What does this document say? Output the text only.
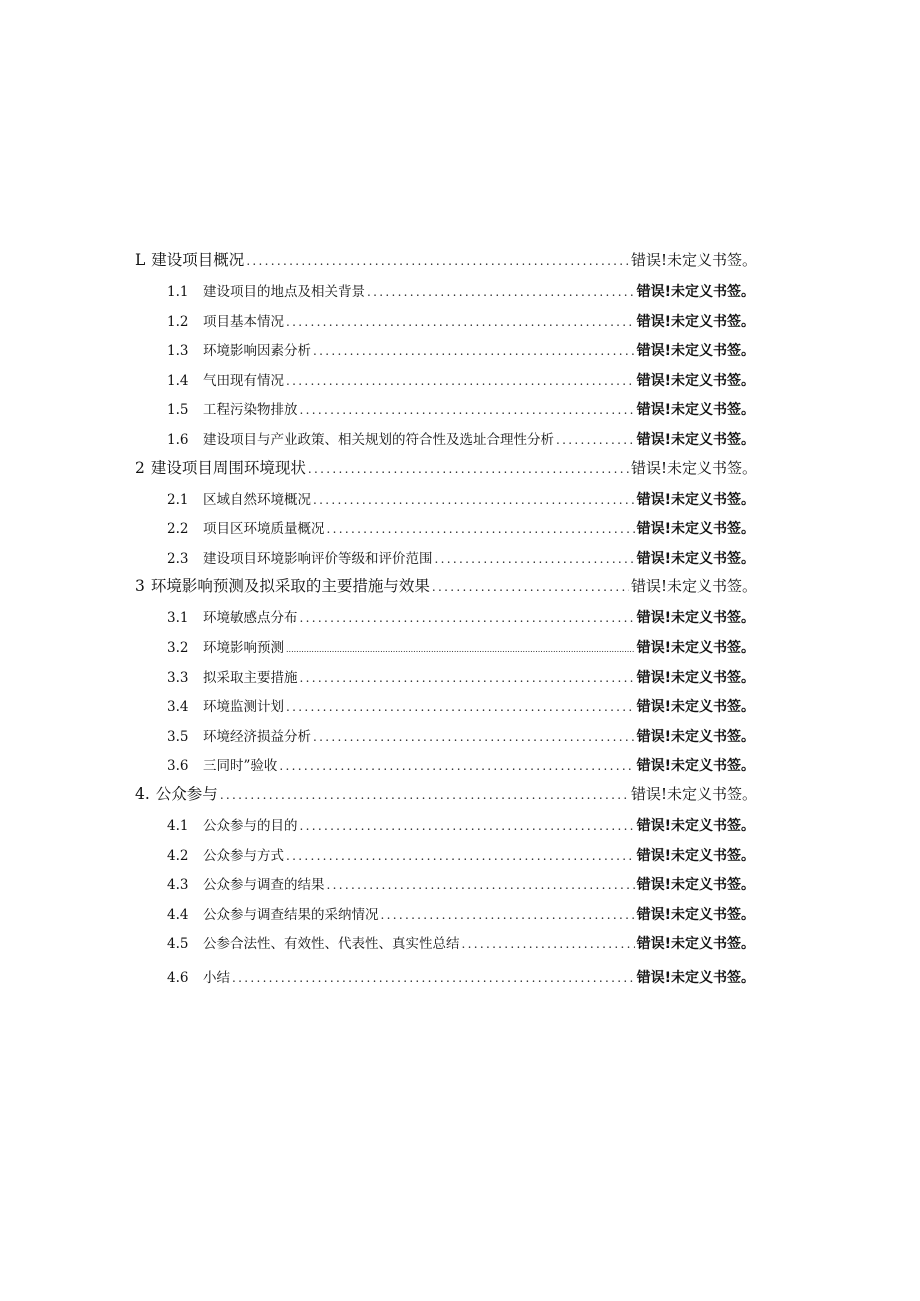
L 建设项目概况 .....	错误!未定义书签。
1.1	建设项目的地点及相关背景 .....	错误!未定义书签。
1.2	项目基本情况 .....	错误!未定义书签。
1.3	环境影响因素分析 .....	错误!未定义书签。
1.4	气田现有情况 .....	错误!未定义书签。
1.5	工程污染物排放 .....	错误!未定义书签。
1.6	建设项目与产业政策、相关规划的符合性及选址合理性分析 .....	错误!未定义书签。
2 建设项目周围环境现状 .....	错误!未定义书签。
2.1	区域自然环境概况 .....	错误!未定义书签。
2.2	项目区环境质量概况 .....	错误!未定义书签。
2.3	建设项目环境影响评价等级和评价范围 .....	错误!未定义书签。
3 环境影响预测及拟采取的主要措施与效果 .....	错误!未定义书签。
3.1	环境敏感点分布 .....	错误!未定义书签。
3.2	环境影响预测 .....	错误!未定义书签。
3.3	拟采取主要措施 .....	错误!未定义书签。
3.4	环境监测计划 .....	错误!未定义书签。
3.5	环境经济损益分析 .....	错误!未定义书签。
3.6	三同时”验收 .....	错误!未定义书签。
4. 公众参与 .....	错误!未定义书签。
4.1	公众参与的目的 .....	错误!未定义书签。
4.2	公众参与方式 .....	错误!未定义书签。
4.3	公众参与调查的结果 .....	错误!未定义书签。
4.4	公众参与调查结果的采纳情况 .....	错误!未定义书签。
4.5	公参合法性、有效性、代表性、真实性总结 .....	错误!未定义书签。
4.6	小结 .....	错误!未定义书签。
